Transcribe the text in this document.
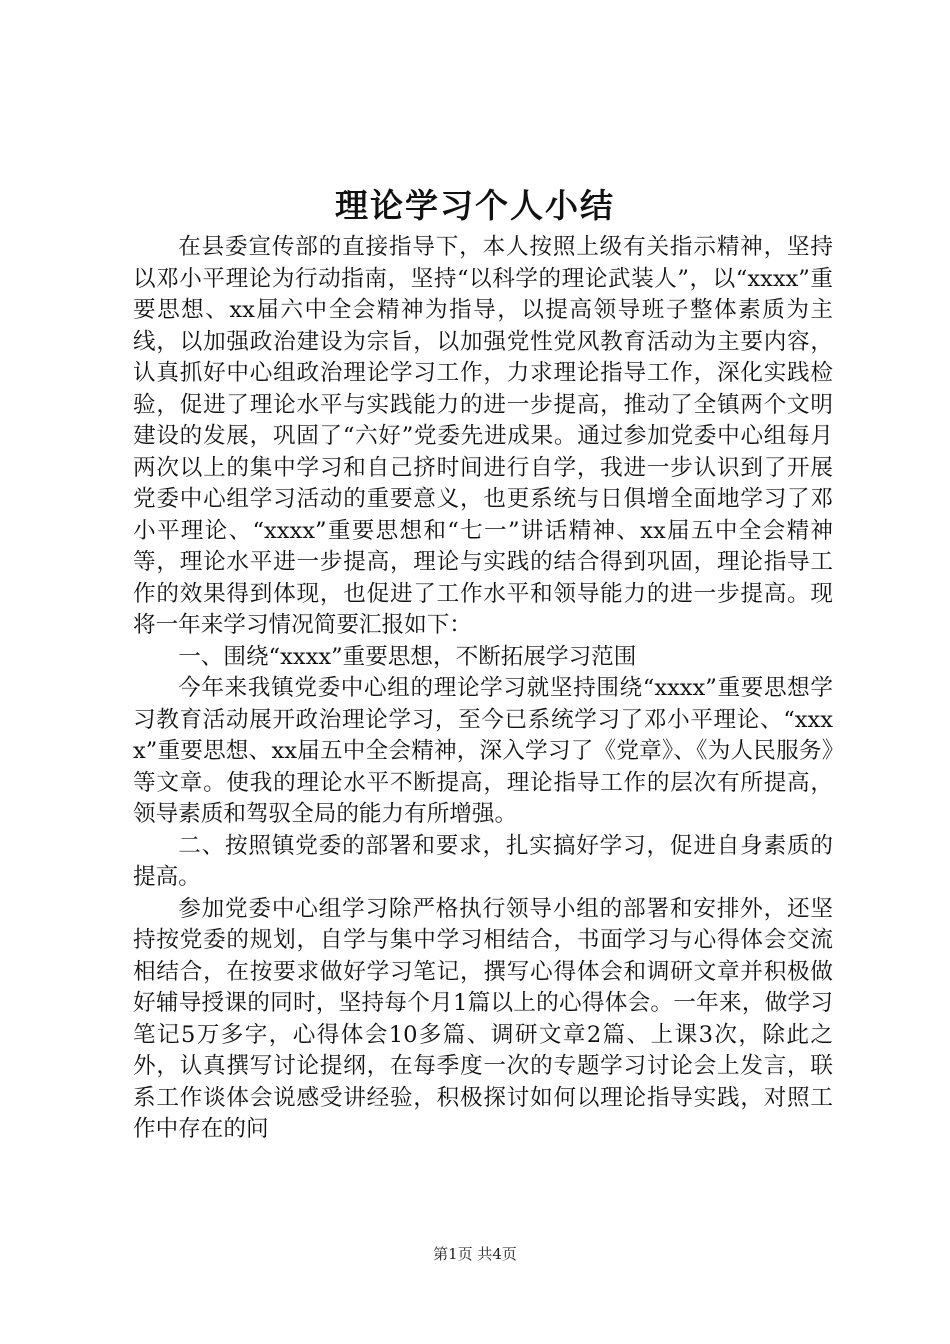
理论学习个人小结

在县委宣传部的直接指导下，本人按照上级有关指示精神，坚持以邓小平理论为行动指南，坚持“以科学的理论武装人”，以“xxxx”重要思想、xx届六中全会精神为指导，以提高领导班子整体素质为主线，以加强政治建设为宗旨，以加强党性党风教育活动为主要内容，认真抓好中心组政治理论学习工作，力求理论指导工作，深化实践检验，促进了理论水平与实践能力的进一步提高，推动了全镇两个文明建设的发展，巩固了“六好”党委先进成果。通过参加党委中心组每月两次以上的集中学习和自己挤时间进行自学，我进一步认识到了开展党委中心组学习活动的重要意义，也更系统与日俱增全面地学习了邓小平理论、“xxxx”重要思想和“七一”讲话精神、xx届五中全会精神等，理论水平进一步提高，理论与实践的结合得到巩固，理论指导工作的效果得到体现，也促进了工作水平和领导能力的进一步提高。现将一年来学习情况简要汇报如下：

一、围绕“xxxx”重要思想，不断拓展学习范围

今年来我镇党委中心组的理论学习就坚持围绕“xxxx”重要思想学习教育活动展开政治理论学习，至今已系统学习了邓小平理论、“xxxx”重要思想、xx届五中全会精神，深入学习了《党章》、《为人民服务》等文章。使我的理论水平不断提高，理论指导工作的层次有所提高，领导素质和驾驭全局的能力有所增强。

二、按照镇党委的部署和要求，扎实搞好学习，促进自身素质的提高。

参加党委中心组学习除严格执行领导小组的部署和安排外，还坚持按党委的规划，自学与集中学习相结合，书面学习与心得体会交流相结合，在按要求做好学习笔记，撰写心得体会和调研文章并积极做好辅导授课的同时，坚持每个月1篇以上的心得体会。一年来，做学习笔记5万多字，心得体会10多篇、调研文章2篇、上课3次，除此之外，认真撰写讨论提纲，在每季度一次的专题学习讨论会上发言，联系工作谈体会说感受讲经验，积极探讨如何以理论指导实践，对照工作中存在的问

第1页 共4页
